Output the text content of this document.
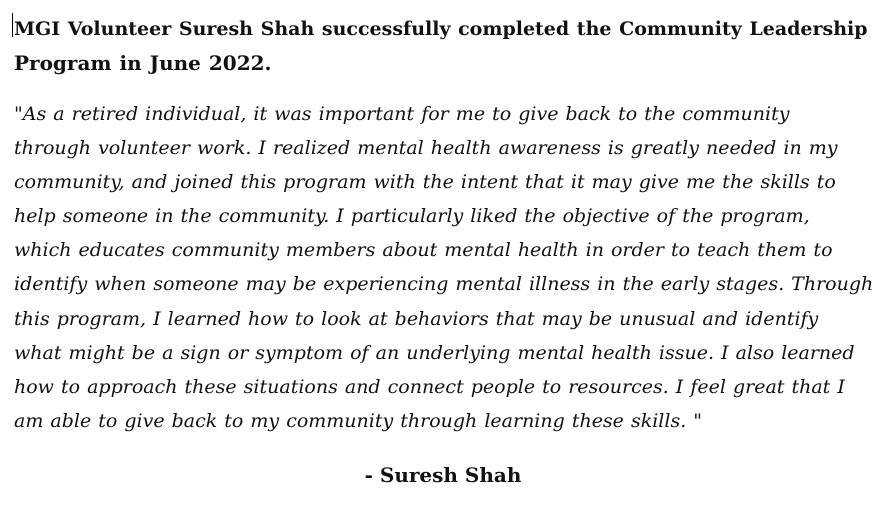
MGI Volunteer Suresh Shah successfully completed the Community Leadership
Program in June 2022.
"As a retired individual, it was important for me to give back to the community
through volunteer work. I realized mental health awareness is greatly needed in my
community, and joined this program with the intent that it may give me the skills to
help someone in the community. I particularly liked the objective of the program,
which educates community members about mental health in order to teach them to
identify when someone may be experiencing mental illness in the early stages. Through
this program, I learned how to look at behaviors that may be unusual and identify
what might be a sign or symptom of an underlying mental health issue. I also learned
how to approach these situations and connect people to resources. I feel great that I
am able to give back to my community through learning these skills. "
- Suresh Shah
